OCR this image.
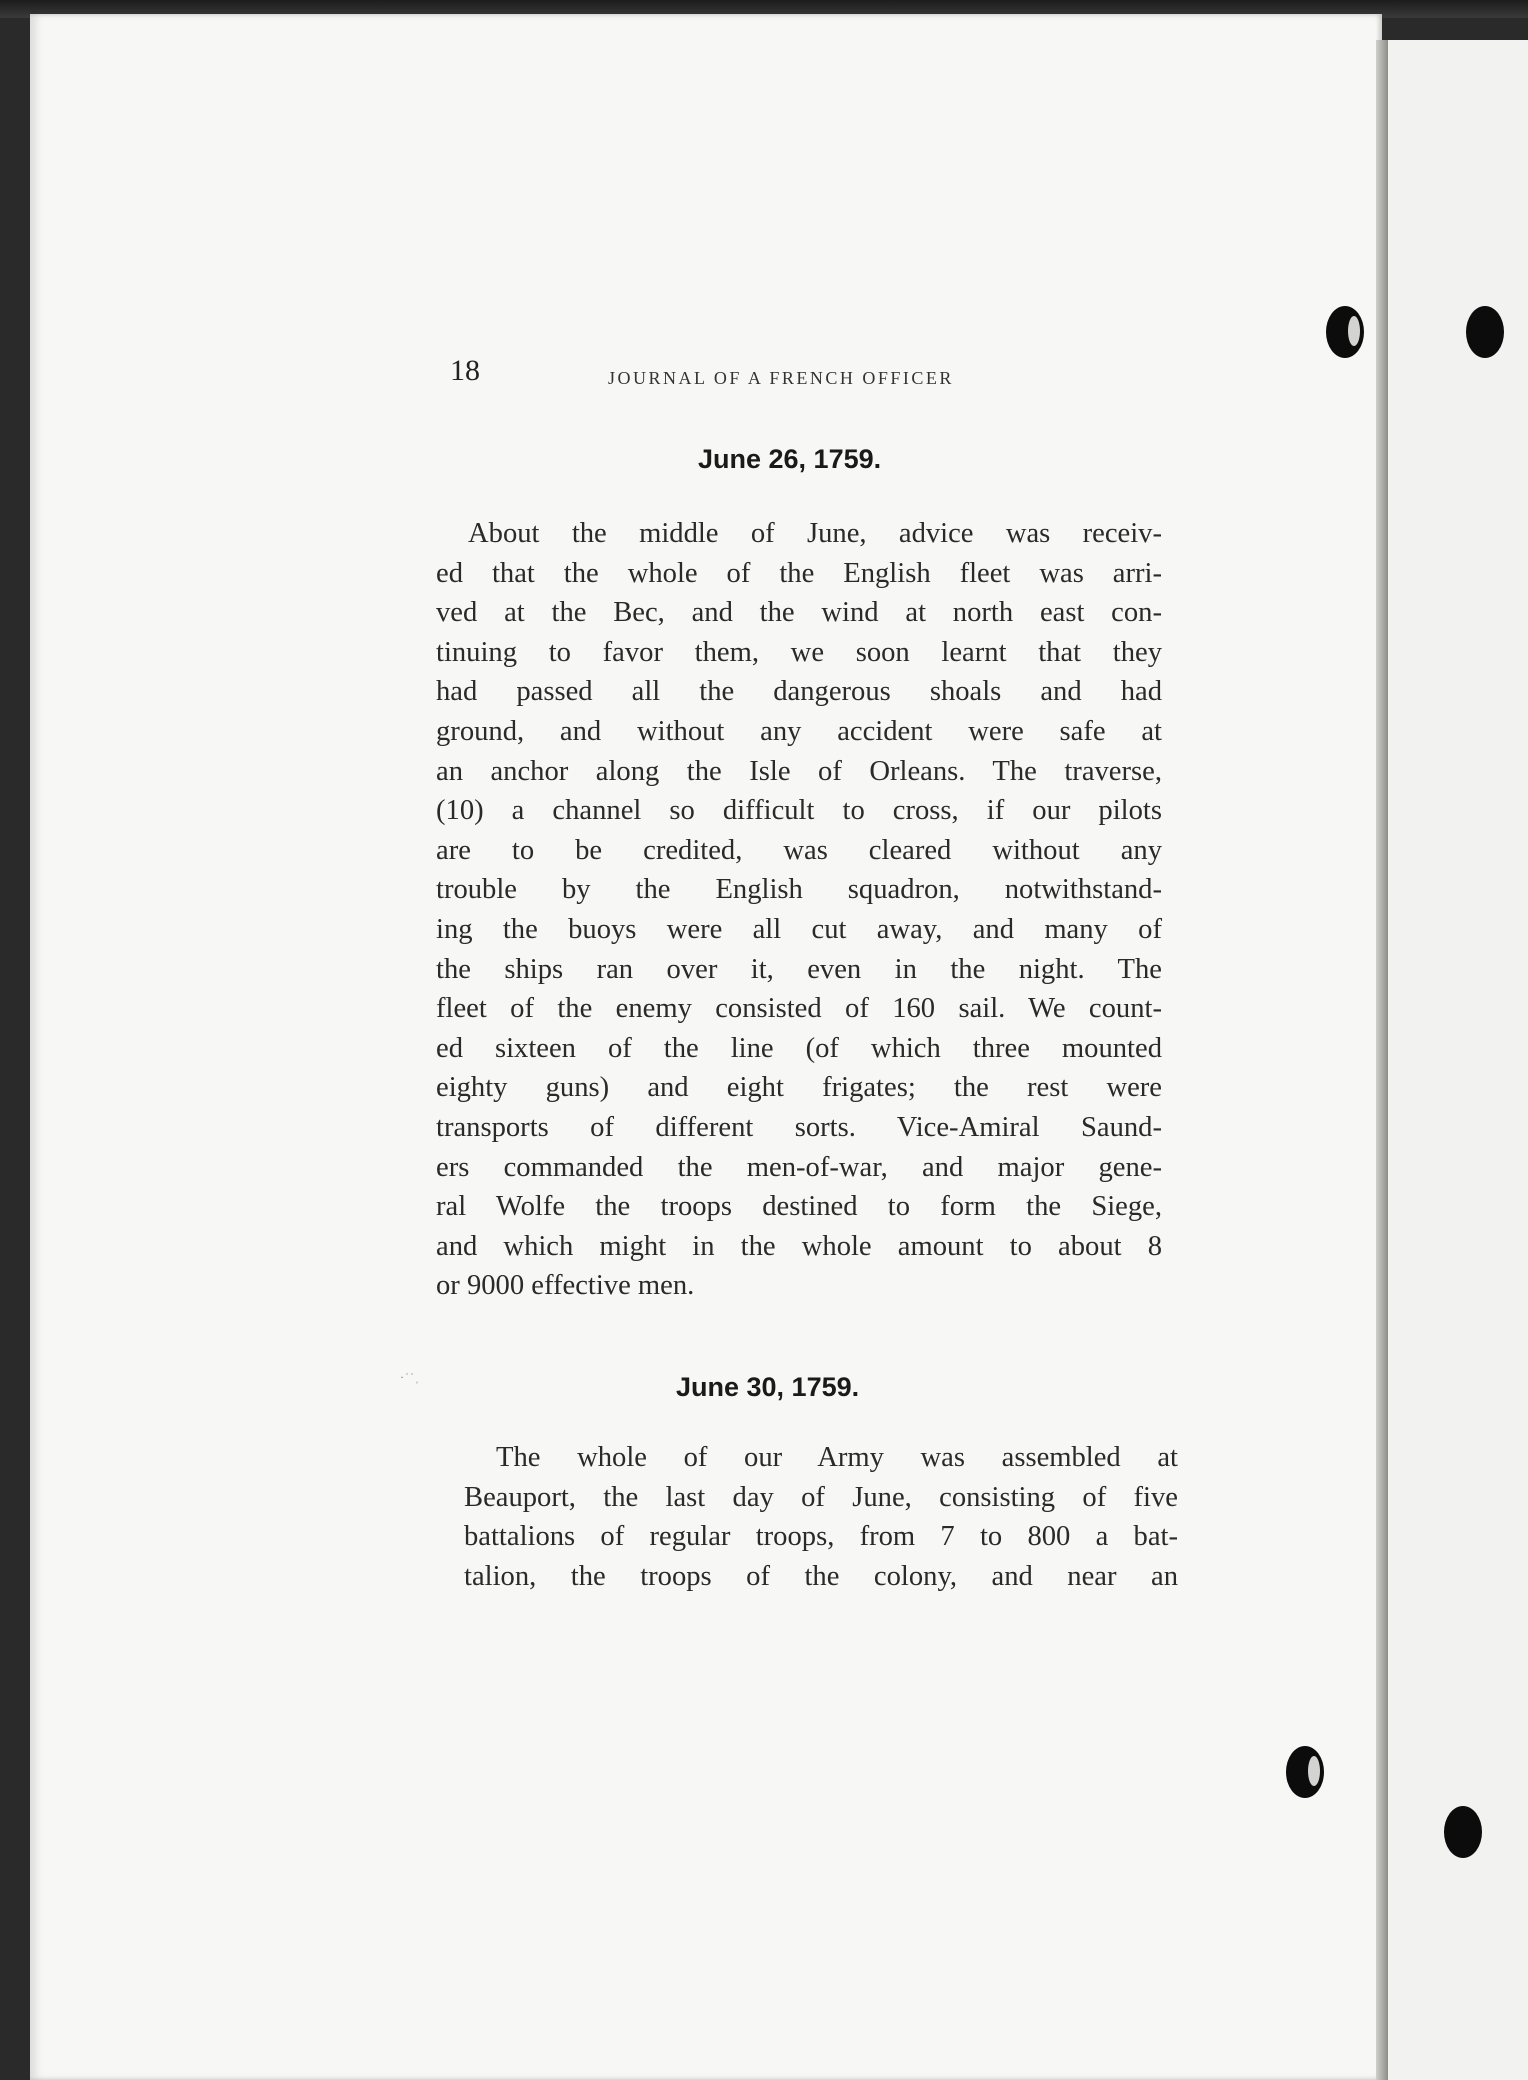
18	JOURNAL OF A FRENCH OFFICER
June 26, 1759.
About the middle of June, advice was receiv-
ed that the whole of the English fleet was arri-
ved at the Bec, and the wind at north east con-
tinuing to favor them, we soon learnt that they
had passed all the dangerous shoals and had
ground, and without any accident were safe at
an anchor along the Isle of Orleans. The traverse,
(10) a channel so difficult to cross, if our pilots
are to be credited, was cleared without any
trouble by the English squadron, notwithstand-
ing the buoys were all cut away, and many of
the ships ran over it, even in the night. The
fleet of the enemy consisted of 160 sail. We count-
ed sixteen of the line (of which three mounted
eighty guns) and eight frigates; the rest were
transports of different sorts. Vice-Amiral Saund-
ers commanded the men-of-war, and major gene-
ral Wolfe the troops destined to form the Siege,
and which might in the whole amount to about 8
or 9000 effective men.
·˙˙ˌ	June 30, 1759.
The whole of our Army was assembled at
Beauport, the last day of June, consisting of five
battalions of regular troops, from 7 to 800 a bat-
talion, the troops of the colony, and near an
